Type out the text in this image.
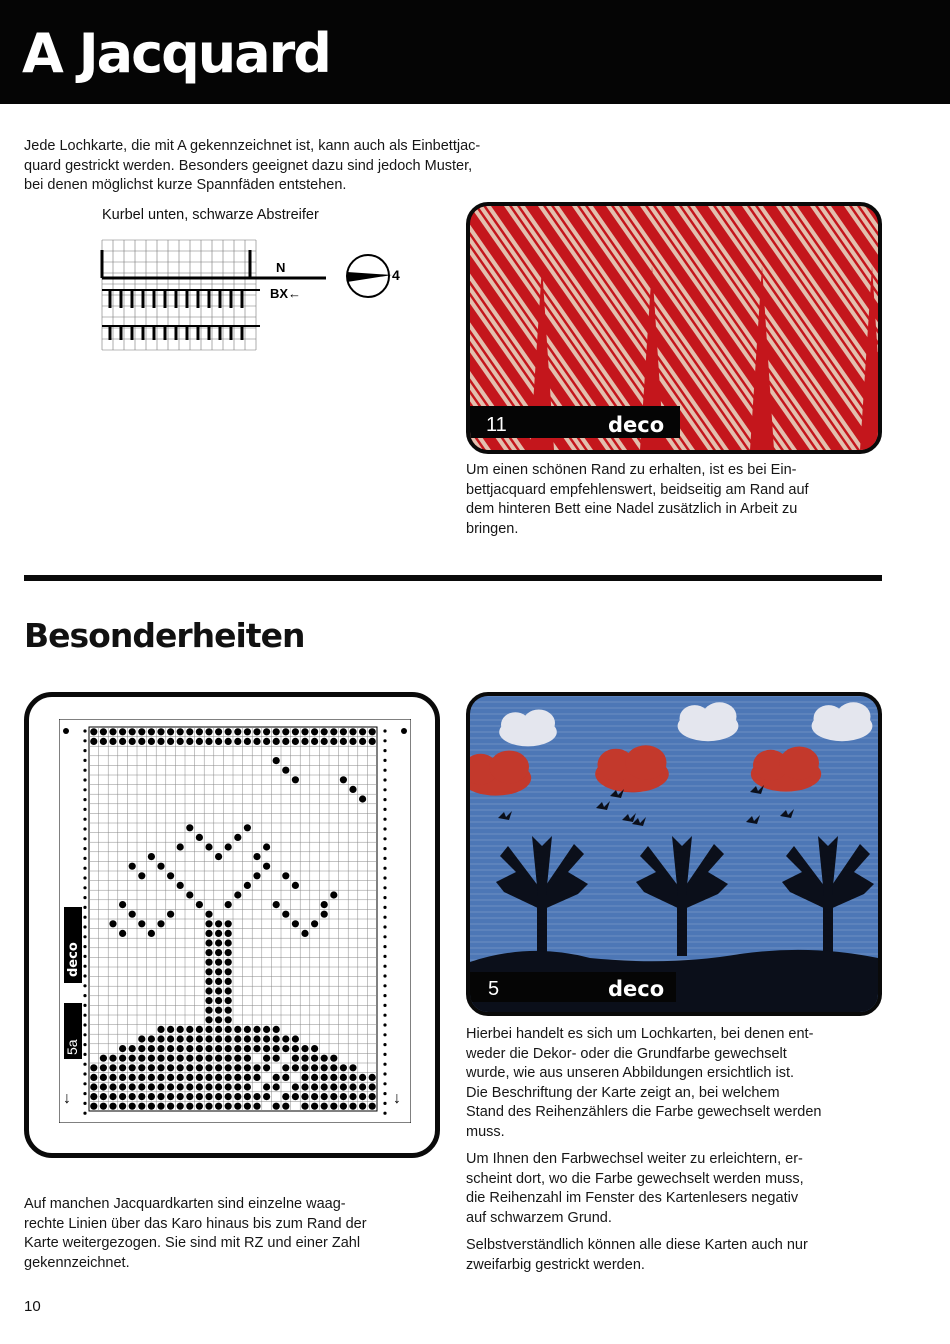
A Jacquard
Jede Lochkarte, die mit A gekennzeichnet ist, kann auch als Einbettjac-
quard gestrickt werden. Besonders geeignet dazu sind jedoch Muster,
bei denen möglichst kurze Spannfäden entstehen.
Kurbel unten, schwarze Abstreifer
N
BX←
4
11	deco
Um einen schönen Rand zu erhalten, ist es bei Ein-
bettjacquard empfehlenswert, beidseitig am Rand auf
dem hinteren Bett eine Nadel zusätzlich in Arbeit zu
bringen.
Besonderheiten
deco
A
5a
↓	↓
5	deco
Auf manchen Jacquardkarten sind einzelne waag-
rechte Linien über das Karo hinaus bis zum Rand der
Karte weitergezogen. Sie sind mit RZ und einer Zahl
gekennzeichnet.

Hierbei handelt es sich um Lochkarten, bei denen ent-
weder die Dekor- oder die Grundfarbe gewechselt
wurde, wie aus unseren Abbildungen ersichtlich ist.
Die Beschriftung der Karte zeigt an, bei welchem
Stand des Reihenzählers die Farbe gewechselt werden
muss.

Um Ihnen den Farbwechsel weiter zu erleichtern, er-
scheint dort, wo die Farbe gewechselt werden muss,
die Reihenzahl im Fenster des Kartenlesers negativ
auf schwarzem Grund.

Selbstverständlich können alle diese Karten auch nur
zweifarbig gestrickt werden.

10
